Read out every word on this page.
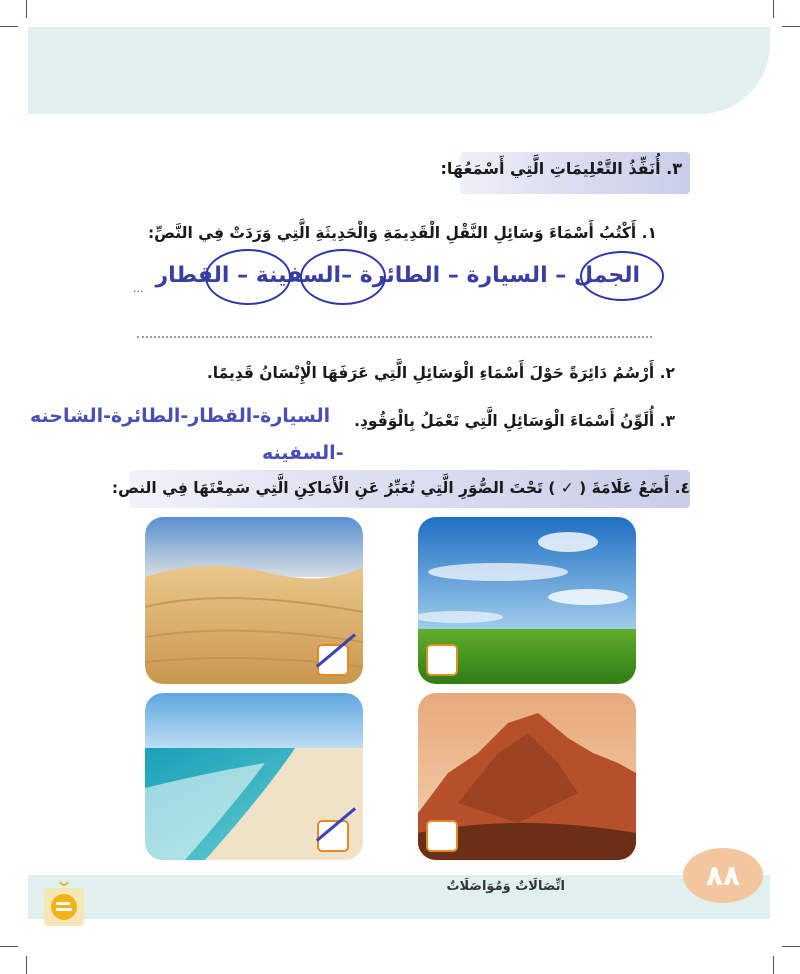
٣. أُنَفِّذُ التَّعْلِيمَاتِ الَّتِي أَسْمَعُهَا:
١. أَكْتُبُ أَسْمَاءَ وَسَائِلِ النَّقْلِ الْقَدِيمَةِ وَالْحَدِيثَةِ الَّتِي وَرَدَتْ فِي النَّصِّ:
الجمل – السيارة – الطائرة –السفينة – القطار
...
٢. أَرْسُمُ دَائِرَةً حَوْلَ أَسْمَاءِ الْوَسَائِلِ الَّتِي عَرَفَهَا الْإِنْسَانُ قَدِيمًا.
٣. أُلَوِّنُ أَسْمَاءَ الْوَسَائِلِ الَّتِي تَعْمَلُ بِالْوَقُودِ.
السيارة-القطار-الطائرة-الشاحنه
-السفينه
٤. أَضَعُ عَلَامَةَ ( ✓ ) تَحْتَ الصُّوَرِ الَّتِي تُعَبِّرُ عَنِ الْأَمَاكِنِ الَّتِي سَمِعْتَهَا فِي النص:
اتِّصَالَاتٌ وَمُوَاصَلَاتٌ	٨٨
